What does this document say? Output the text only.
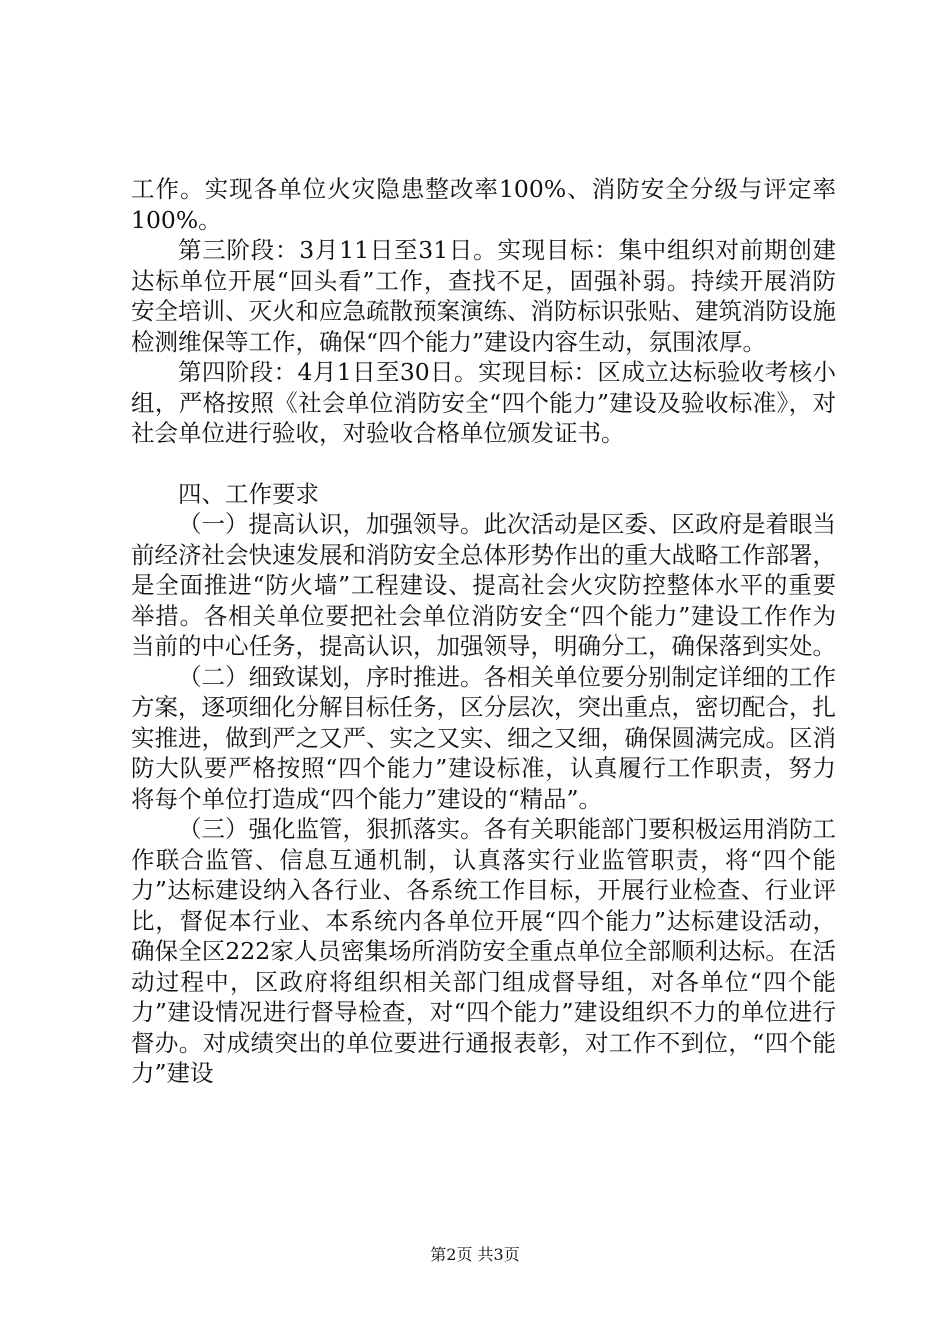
工作。实现各单位火灾隐患整改率100%、消防安全分级与评定率100%。

第三阶段：3月11日至31日。实现目标：集中组织对前期创建达标单位开展“回头看”工作，查找不足，固强补弱。持续开展消防安全培训、灭火和应急疏散预案演练、消防标识张贴、建筑消防设施检测维保等工作，确保“四个能力”建设内容生动，氛围浓厚。

第四阶段：4月1日至30日。实现目标：区成立达标验收考核小组，严格按照《社会单位消防安全“四个能力”建设及验收标准》，对社会单位进行验收，对验收合格单位颁发证书。

四、工作要求

（一）提高认识，加强领导。此次活动是区委、区政府是着眼当前经济社会快速发展和消防安全总体形势作出的重大战略工作部署，是全面推进“防火墙”工程建设、提高社会火灾防控整体水平的重要举措。各相关单位要把社会单位消防安全“四个能力”建设工作作为当前的中心任务，提高认识，加强领导，明确分工，确保落到实处。

（二）细致谋划，序时推进。各相关单位要分别制定详细的工作方案，逐项细化分解目标任务，区分层次，突出重点，密切配合，扎实推进，做到严之又严、实之又实、细之又细，确保圆满完成。区消防大队要严格按照“四个能力”建设标准，认真履行工作职责，努力将每个单位打造成“四个能力”建设的“精品”。

（三）强化监管，狠抓落实。各有关职能部门要积极运用消防工作联合监管、信息互通机制，认真落实行业监管职责，将“四个能力”达标建设纳入各行业、各系统工作目标，开展行业检查、行业评比，督促本行业、本系统内各单位开展“四个能力”达标建设活动，确保全区222家人员密集场所消防安全重点单位全部顺利达标。在活动过程中，区政府将组织相关部门组成督导组，对各单位“四个能力”建设情况进行督导检查，对“四个能力”建设组织不力的单位进行督办。对成绩突出的单位要进行通报表彰，对工作不到位，“四个能力”建设

第2页 共3页
